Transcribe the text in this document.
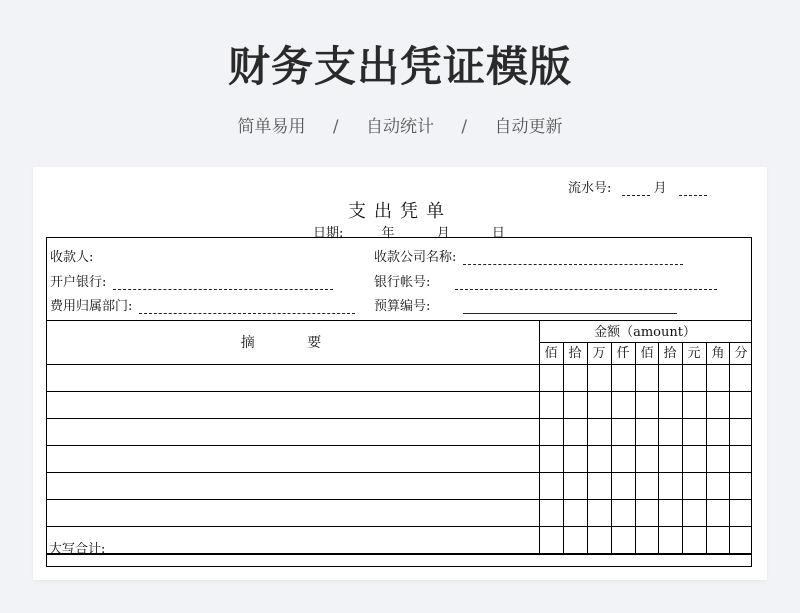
财务支出凭证模版
简单易用 / 自动统计 / 自动更新
流水号:	月
支出凭单
日期:	年	月	日
收款人:	收款公司名称:
开户银行:	银行帐号:
费用归属部门:	预算编号:
摘 要
金额（amount）
佰 拾 万 仟 佰 拾 元 角 分
大写合计:
